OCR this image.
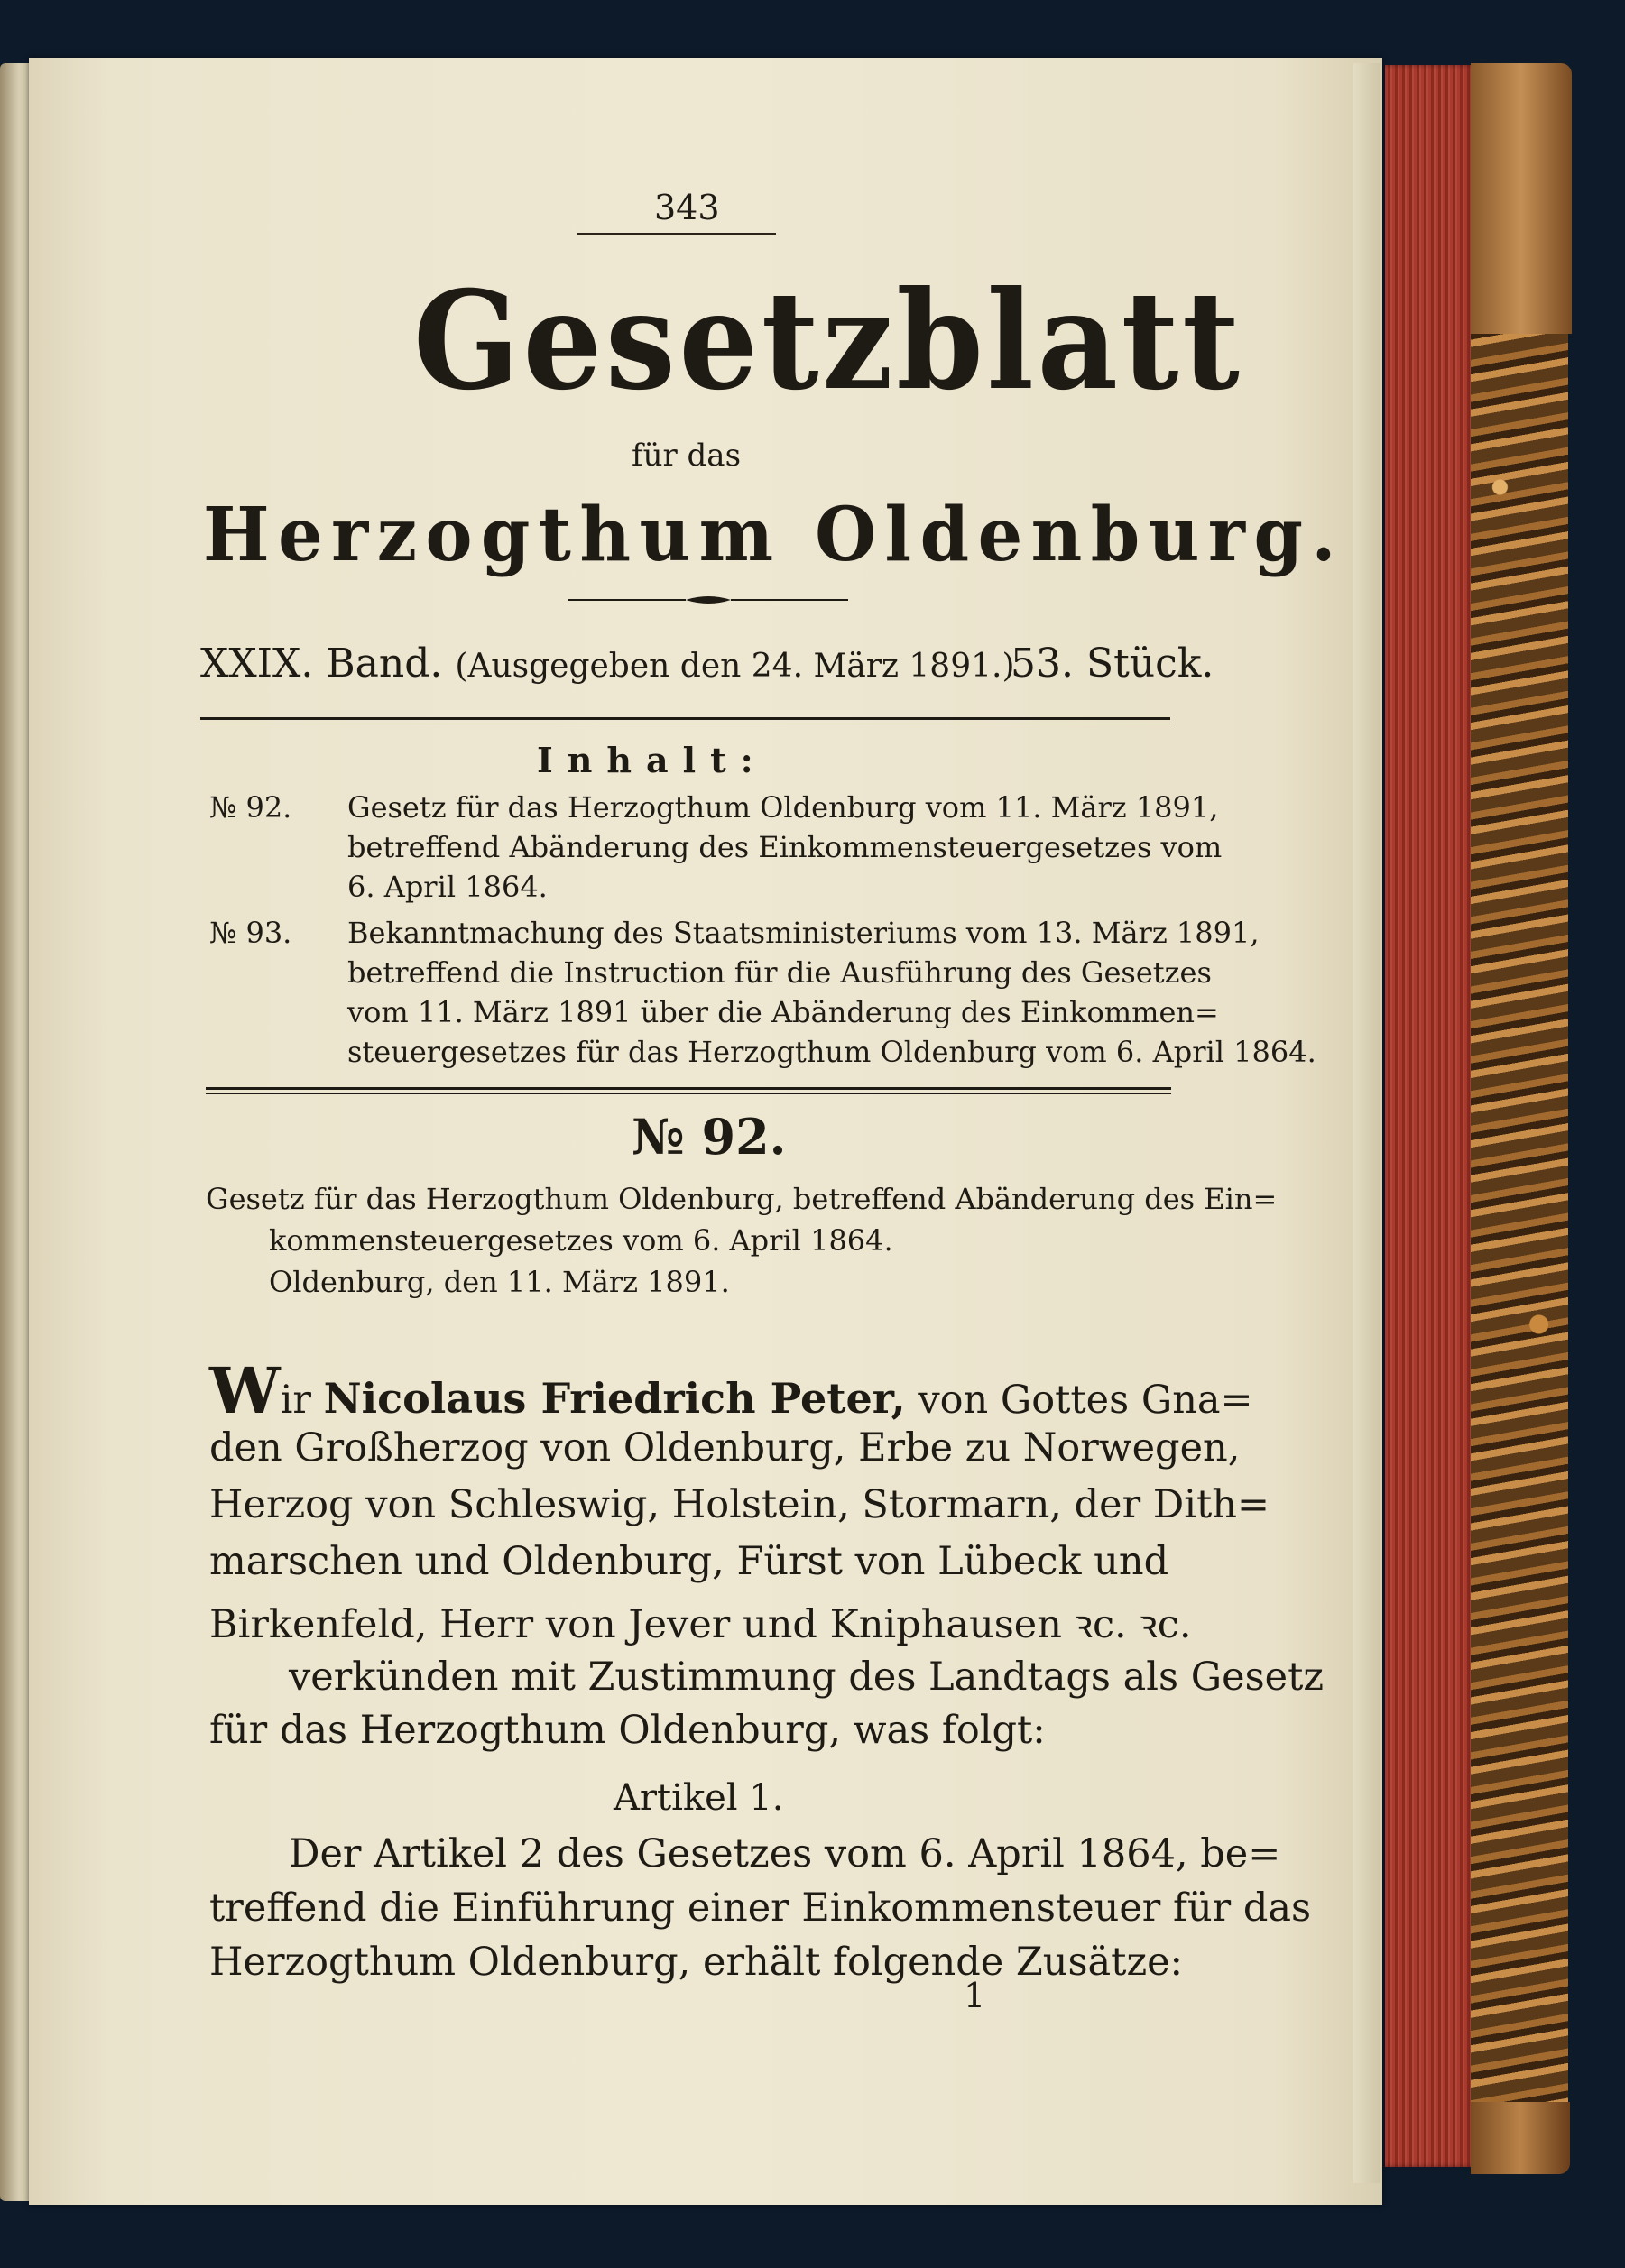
343
Gesetzblatt
für das
Herzogthum Oldenburg.
XXIX. Band. (Ausgegeben den 24. März 1891.)
53. Stück.
Inhalt:
№ 92. Gesetz für das Herzogthum Oldenburg vom 11. März 1891,
betreffend Abänderung des Einkommensteuergesetzes vom
6. April 1864.
№ 93. Bekanntmachung des Staatsministeriums vom 13. März 1891,
betreffend die Instruction für die Ausführung des Gesetzes
vom 11. März 1891 über die Abänderung des Einkommen=
steuergesetzes für das Herzogthum Oldenburg vom 6. April 1864.
№ 92.
Gesetz für das Herzogthum Oldenburg, betreffend Abänderung des Ein=
kommensteuergesetzes vom 6. April 1864.
Oldenburg, den 11. März 1891.
Wir Nicolaus Friedrich Peter, von Gottes Gna=
den Großherzog von Oldenburg, Erbe zu Norwegen,
Herzog von Schleswig, Holstein, Stormarn, der Dith=
marschen und Oldenburg, Fürst von Lübeck und
Birkenfeld, Herr von Jever und Kniphausen ꝛc. ꝛc.
verkünden mit Zustimmung des Landtags als Gesetz
für das Herzogthum Oldenburg, was folgt:
Artikel 1.
Der Artikel 2 des Gesetzes vom 6. April 1864, be=
treffend die Einführung einer Einkommensteuer für das
Herzogthum Oldenburg, erhält folgende Zusätze:
1
